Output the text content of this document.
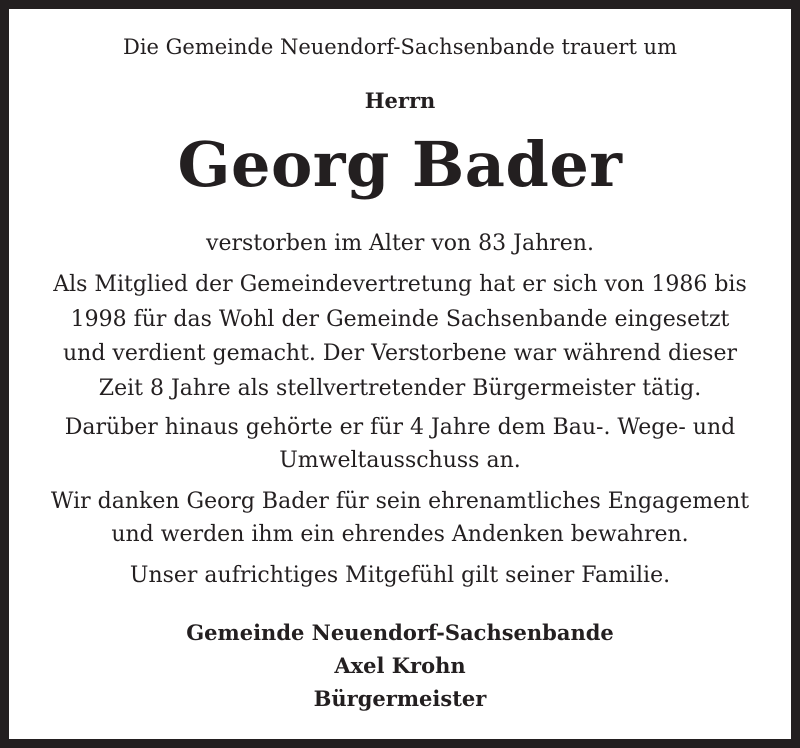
Die Gemeinde Neuendorf-Sachsenbande trauert um

Herrn

Georg Bader

verstorben im Alter von 83 Jahren.

Als Mitglied der Gemeindevertretung hat er sich von 1986 bis

1998 für das Wohl der Gemeinde Sachsenbande eingesetzt

und verdient gemacht. Der Verstorbene war während dieser

Zeit 8 Jahre als stellvertretender Bürgermeister tätig.

Darüber hinaus gehörte er für 4 Jahre dem Bau-. Wege- und

Umweltausschuss an.

Wir danken Georg Bader für sein ehrenamtliches Engagement

und werden ihm ein ehrendes Andenken bewahren.

Unser aufrichtiges Mitgefühl gilt seiner Familie.

Gemeinde Neuendorf-Sachsenbande

Axel Krohn

Bürgermeister
